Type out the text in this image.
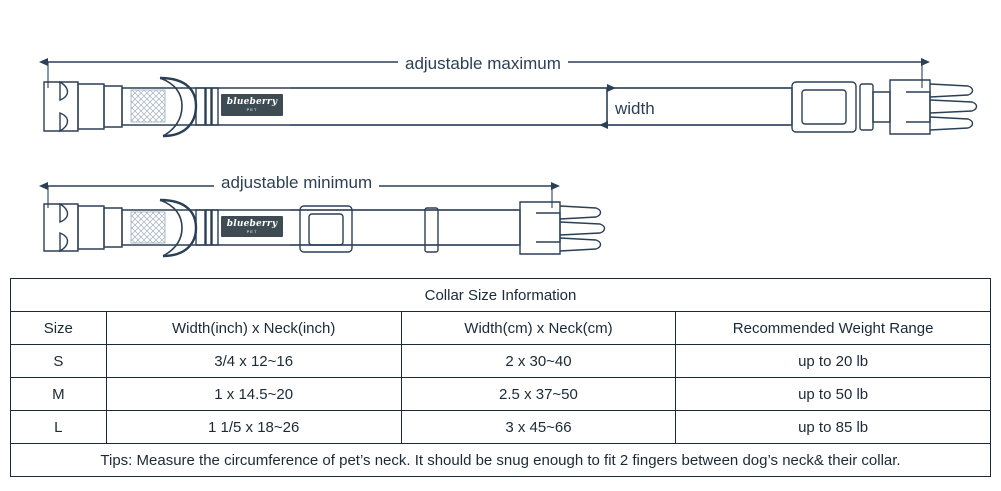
adjustable maximum
adjustable minimum
width
blueberry
PET
blueberry
PET
Collar Size Information			
Size	Width(inch) x Neck(inch)	Width(cm) x Neck(cm)	Recommended Weight Range
S	3/4 x 12~16	2 x 30~40	up to 20 lb
M	1 x 14.5~20	2.5 x 37~50	up to 50 lb
L	1 1/5 x 18~26	3 x 45~66	up to 85 lb
Tips: Measure the circumference of pet’s neck. It should be snug enough to fit 2 fingers between dog’s neck& their collar.			
